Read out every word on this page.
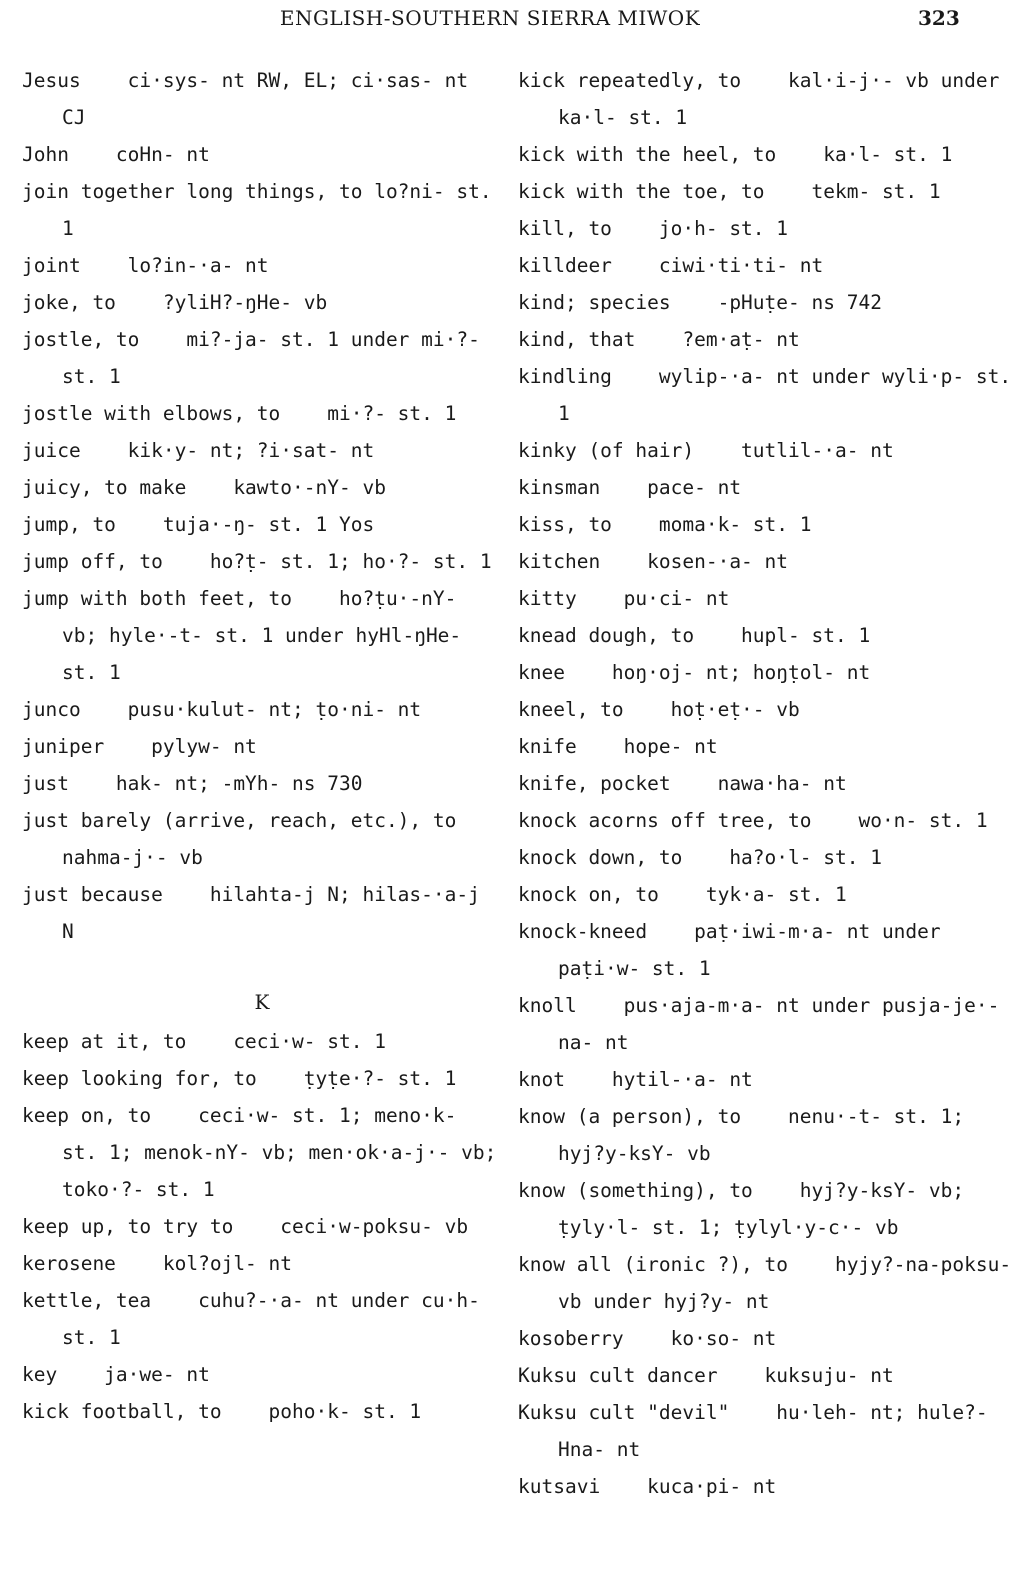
ENGLISH-SOUTHERN SIERRA MIWOK	323
Jesus    ci·sys- nt RW, EL; ci·sas- nt CJ
John    coHn- nt
join together long things, to lo?ni- st. 1
joint    lo?in-·a- nt
joke, to    ?yliH?-ŋHe- vb
jostle, to    mi?-ja- st. 1 under mi·?- st. 1
jostle with elbows, to    mi·?- st. 1
juice    kik·y- nt; ?i·sat- nt
juicy, to make    kawto·-nY- vb
jump, to    tuja·-ŋ- st. 1 Yos
jump off, to    ho?ṭ- st. 1; ho·?- st. 1
jump with both feet, to    ho?ṭu·-nY- vb; hyle·-t- st. 1 under hyHl-ŋHe- st. 1
junco    pusu·kulut- nt; ṭo·ni- nt
juniper    pylyw- nt
just    hak- nt; -mYh- ns 730
just barely (arrive, reach, etc.), to nahma-j·- vb
just because    hilahta-j N; hilas-·a-j N
K
keep at it, to    ceci·w- st. 1
keep looking for, to    ṭyṭe·?- st. 1
keep on, to    ceci·w- st. 1; meno·k- st. 1; menok-nY- vb; men·ok·a-j·- vb; toko·?- st. 1
keep up, to try to    ceci·w-poksu- vb
kerosene    kol?ojl- nt
kettle, tea    cuhu?-·a- nt under cu·h- st. 1
key    ja·we- nt
kick football, to    poho·k- st. 1
kick repeatedly, to    kal·i-j·- vb under ka·l- st. 1
kick with the heel, to    ka·l- st. 1
kick with the toe, to    tekm- st. 1
kill, to    jo·h- st. 1
killdeer    ciwi·ti·ti- nt
kind; species    -pHuṭe- ns 742
kind, that    ?em·aṭ- nt
kindling    wylip-·a- nt under wyli·p- st. 1
kinky (of hair)    tutlil-·a- nt
kinsman    pace- nt
kiss, to    moma·k- st. 1
kitchen    kosen-·a- nt
kitty    pu·ci- nt
knead dough, to    hupl- st. 1
knee    hoŋ·oj- nt; hoŋṭol- nt
kneel, to    hoṭ·eṭ·- vb
knife    hope- nt
knife, pocket    nawa·ha- nt
knock acorns off tree, to    wo·n- st. 1
knock down, to    ha?o·l- st. 1
knock on, to    tyk·a- st. 1
knock-kneed    paṭ·iwi-m·a- nt under paṭi·w- st. 1
knoll    pus·aja-m·a- nt under pusja-je·-na- nt
knot    hytil-·a- nt
know (a person), to    nenu·-t- st. 1; hyj?y-ksY- vb
know (something), to    hyj?y-ksY- vb; ṭyly·l- st. 1; ṭylyl·y-c·- vb
know all (ironic ?), to    hyjy?-na-poksu- vb under hyj?y- nt
kosoberry    ko·so- nt
Kuksu cult dancer    kuksuju- nt
Kuksu cult "devil"    hu·leh- nt; hule?-Hna- nt
kutsavi    kuca·pi- nt
